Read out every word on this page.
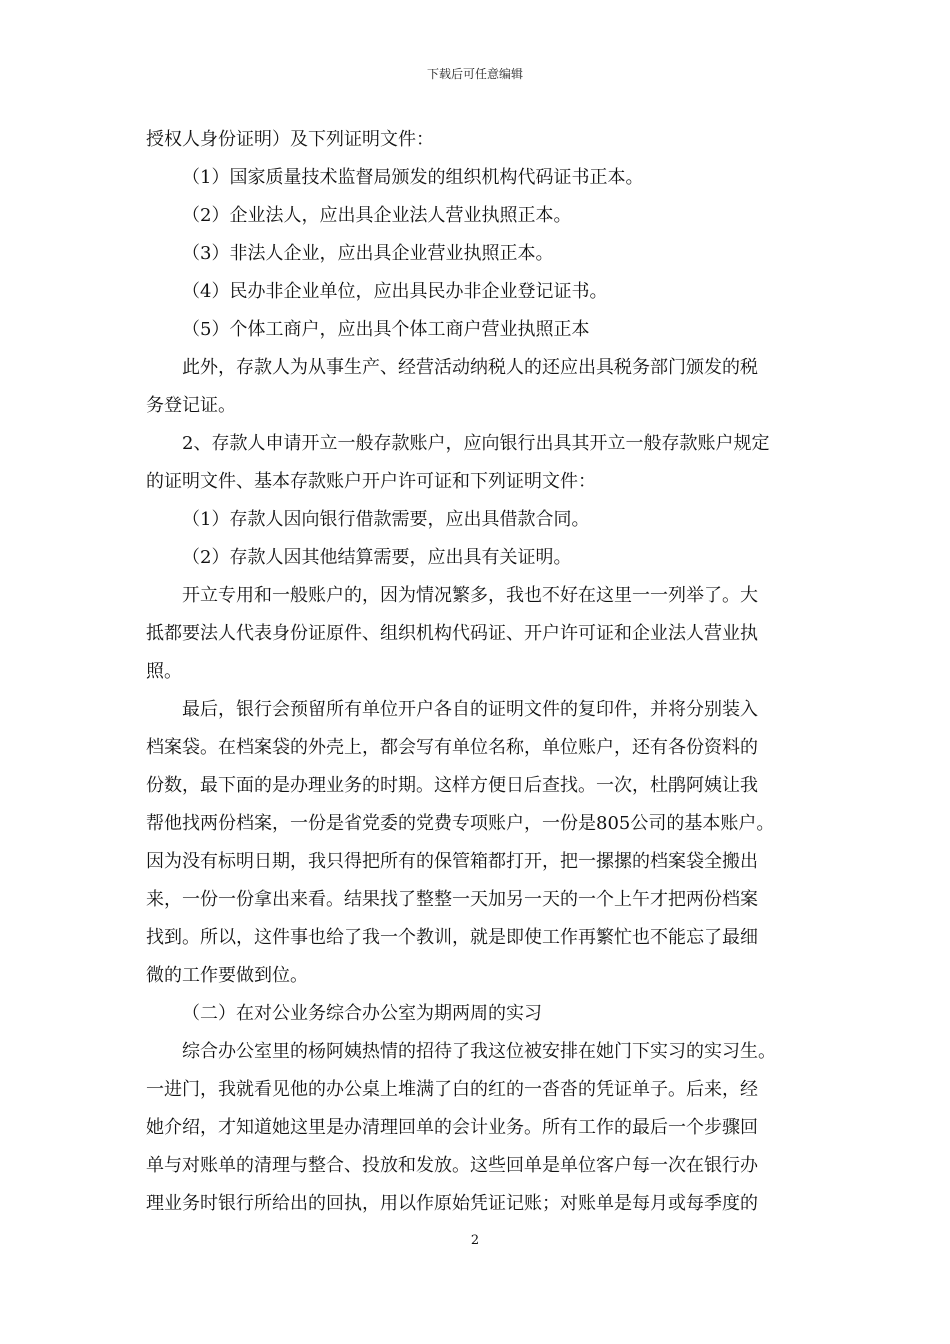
下载后可任意编辑
授权人身份证明）及下列证明文件：
（1）国家质量技术监督局颁发的组织机构代码证书正本。
（2）企业法人，应出具企业法人营业执照正本。
（3）非法人企业，应出具企业营业执照正本。
（4）民办非企业单位，应出具民办非企业登记证书。
（5）个体工商户，应出具个体工商户营业执照正本
此外，存款人为从事生产、经营活动纳税人的还应出具税务部门颁发的税
务登记证。
2、存款人申请开立一般存款账户，应向银行出具其开立一般存款账户规定
的证明文件、基本存款账户开户许可证和下列证明文件：
（1）存款人因向银行借款需要，应出具借款合同。
（2）存款人因其他结算需要，应出具有关证明。
开立专用和一般账户的，因为情况繁多，我也不好在这里一一列举了。大
抵都要法人代表身份证原件、组织机构代码证、开户许可证和企业法人营业执
照。
最后，银行会预留所有单位开户各自的证明文件的复印件，并将分别装入
档案袋。在档案袋的外壳上，都会写有单位名称，单位账户，还有各份资料的
份数，最下面的是办理业务的时期。这样方便日后查找。一次，杜鹃阿姨让我
帮他找两份档案，一份是省党委的党费专项账户，一份是805公司的基本账户。
因为没有标明日期，我只得把所有的保管箱都打开，把一摞摞的档案袋全搬出
来，一份一份拿出来看。结果找了整整一天加另一天的一个上午才把两份档案
找到。所以，这件事也给了我一个教训，就是即使工作再繁忙也不能忘了最细
微的工作要做到位。
（二）在对公业务综合办公室为期两周的实习
综合办公室里的杨阿姨热情的招待了我这位被安排在她门下实习的实习生。
一进门，我就看见他的办公桌上堆满了白的红的一沓沓的凭证单子。后来，经
她介绍，才知道她这里是办清理回单的会计业务。所有工作的最后一个步骤回
单与对账单的清理与整合、投放和发放。这些回单是单位客户每一次在银行办
理业务时银行所给出的回执，用以作原始凭证记账；对账单是每月或每季度的
2
